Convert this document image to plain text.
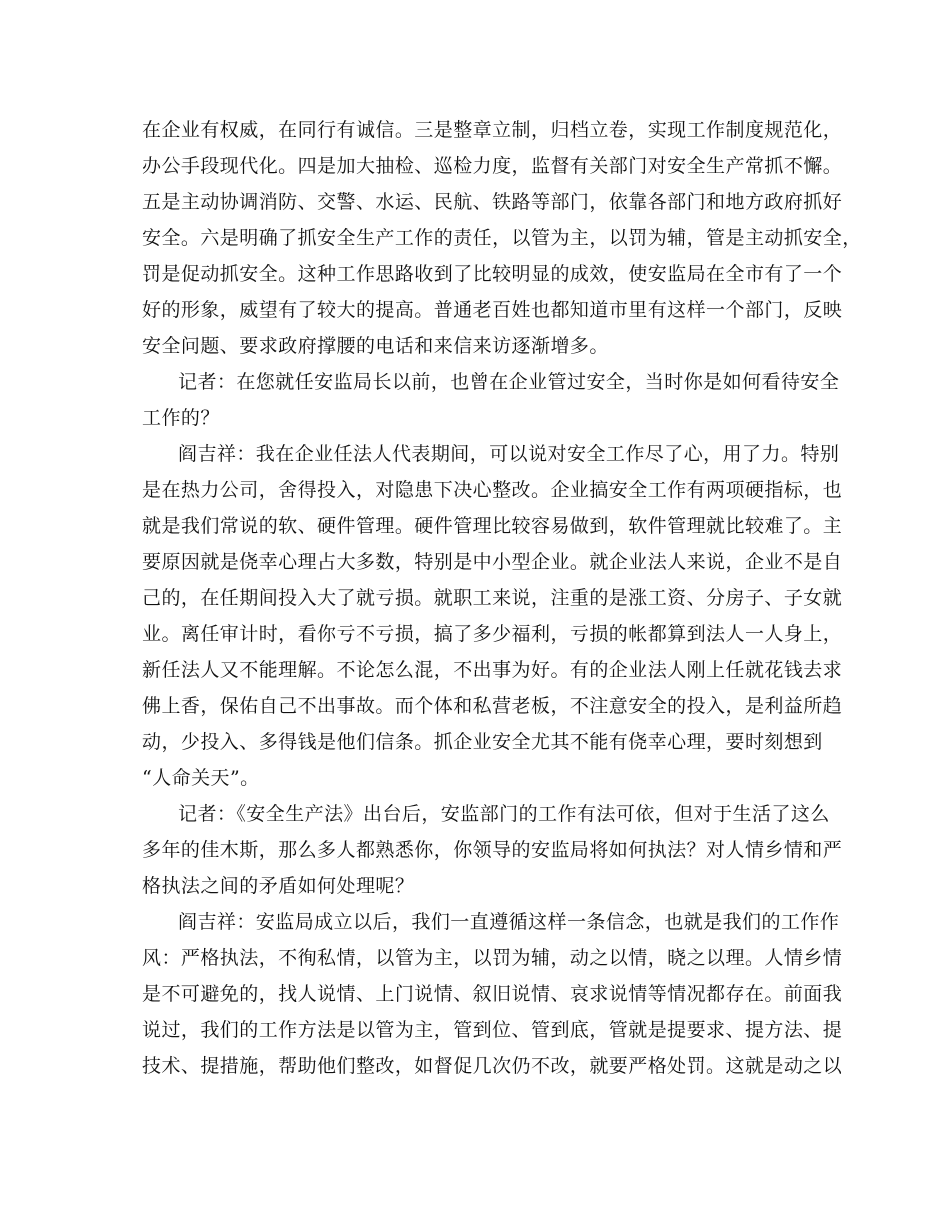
在企业有权威，在同行有诚信。三是整章立制，归档立卷，实现工作制度规范化，
办公手段现代化。四是加大抽检、巡检力度，监督有关部门对安全生产常抓不懈。
五是主动协调消防、交警、水运、民航、铁路等部门，依靠各部门和地方政府抓好
安全。六是明确了抓安全生产工作的责任，以管为主，以罚为辅，管是主动抓安全，
罚是促动抓安全。这种工作思路收到了比较明显的成效，使安监局在全市有了一个
好的形象，威望有了较大的提高。普通老百姓也都知道市里有这样一个部门，反映
安全问题、要求政府撑腰的电话和来信来访逐渐增多。
记者：在您就任安监局长以前，也曾在企业管过安全，当时你是如何看待安全
工作的？
阎吉祥：我在企业任法人代表期间，可以说对安全工作尽了心，用了力。特别
是在热力公司，舍得投入，对隐患下决心整改。企业搞安全工作有两项硬指标，也
就是我们常说的软、硬件管理。硬件管理比较容易做到，软件管理就比较难了。主
要原因就是侥幸心理占大多数，特别是中小型企业。就企业法人来说，企业不是自
己的，在任期间投入大了就亏损。就职工来说，注重的是涨工资、分房子、子女就
业。离任审计时，看你亏不亏损，搞了多少福利，亏损的帐都算到法人一人身上，
新任法人又不能理解。不论怎么混，不出事为好。有的企业法人刚上任就花钱去求
佛上香，保佑自己不出事故。而个体和私营老板，不注意安全的投入，是利益所趋
动，少投入、多得钱是他们信条。抓企业安全尤其不能有侥幸心理，要时刻想到
“人命关天”。
记者：《安全生产法》出台后，安监部门的工作有法可依，但对于生活了这么
多年的佳木斯，那么多人都熟悉你，你领导的安监局将如何执法？对人情乡情和严
格执法之间的矛盾如何处理呢？
阎吉祥：安监局成立以后，我们一直遵循这样一条信念，也就是我们的工作作
风：严格执法，不徇私情，以管为主，以罚为辅，动之以情，晓之以理。人情乡情
是不可避免的，找人说情、上门说情、叙旧说情、哀求说情等情况都存在。前面我
说过，我们的工作方法是以管为主，管到位、管到底，管就是提要求、提方法、提
技术、提措施，帮助他们整改，如督促几次仍不改，就要严格处罚。这就是动之以
